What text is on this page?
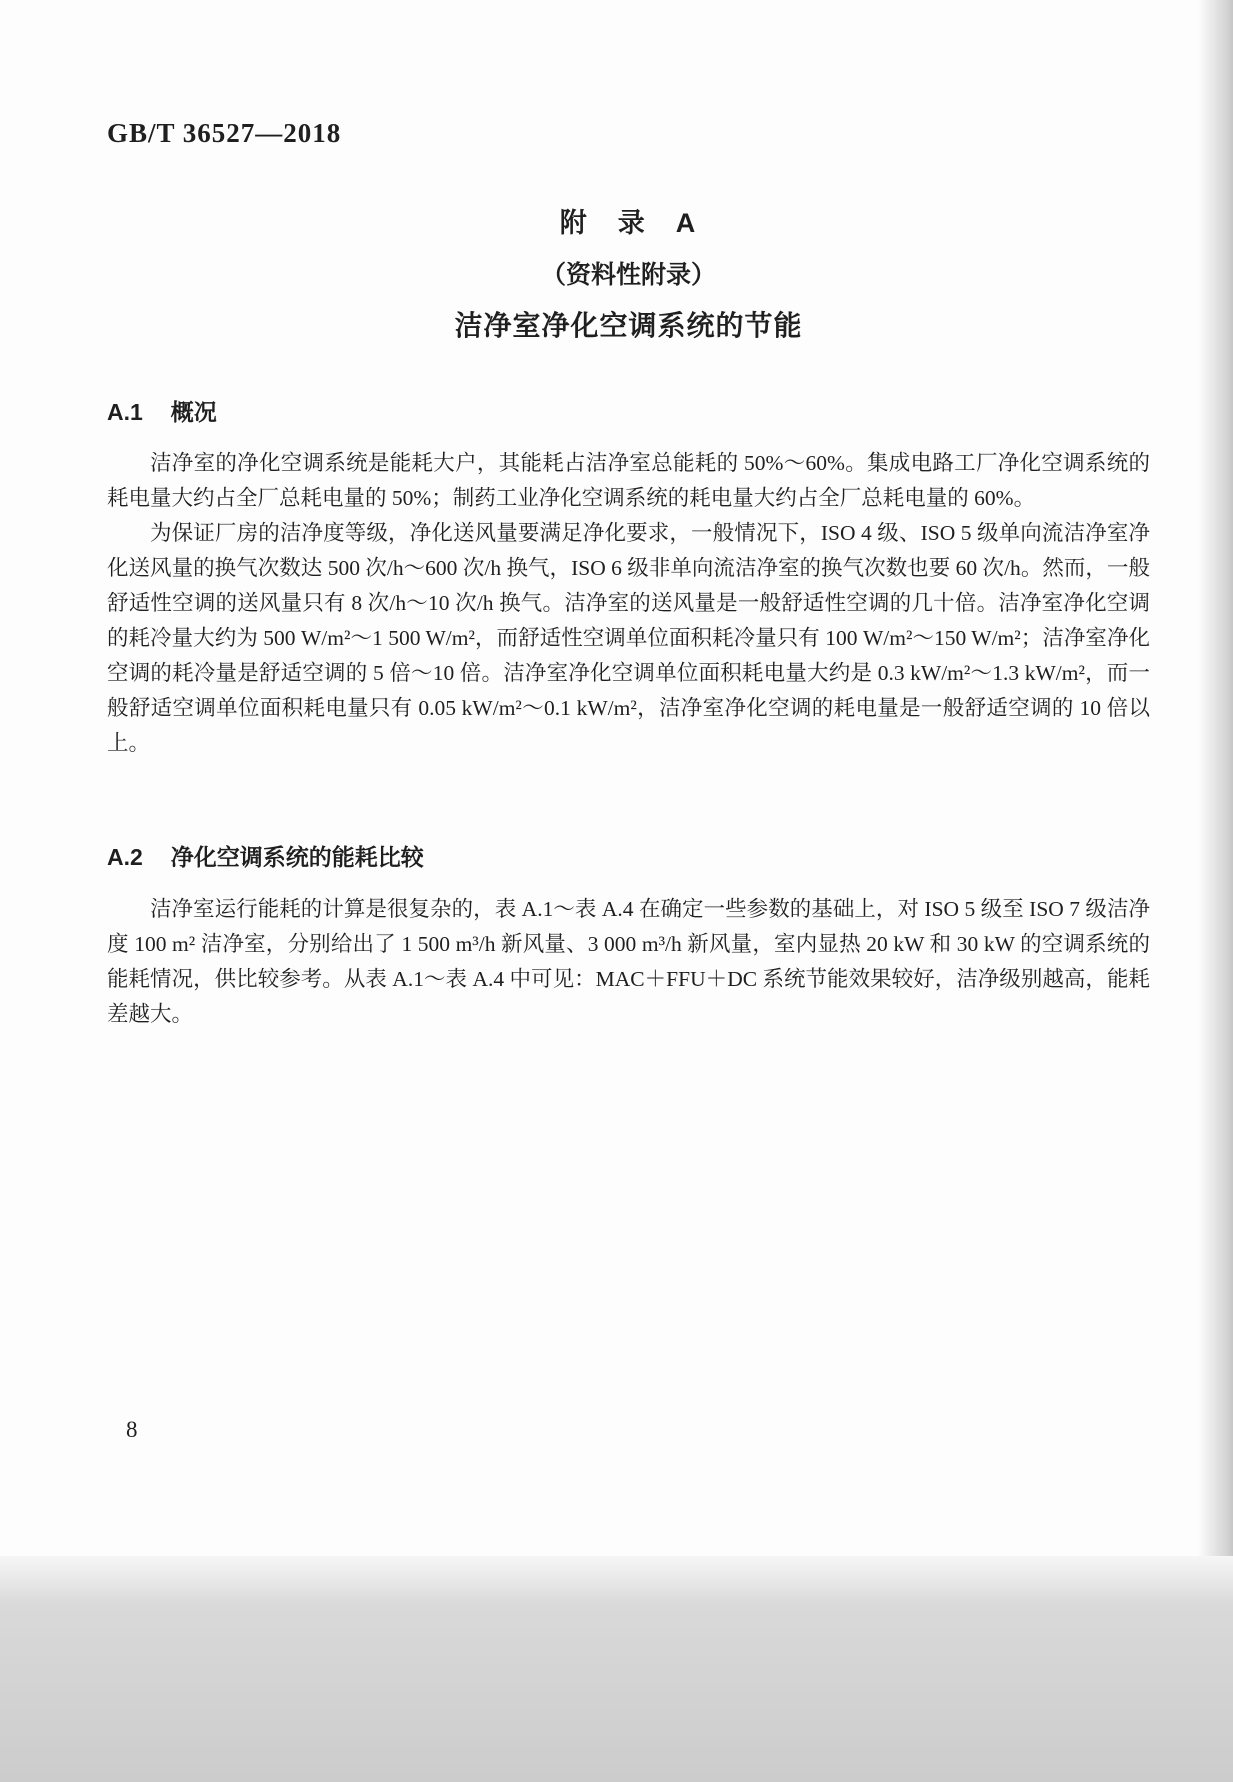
GB/T 36527—2018
附　录　A
（资料性附录）
洁净室净化空调系统的节能
A.1 概况

洁净室的净化空调系统是能耗大户，其能耗占洁净室总能耗的 50%～60%。集成电路工厂净化空调系统的耗电量大约占全厂总耗电量的 50%；制药工业净化空调系统的耗电量大约占全厂总耗电量的 60%。

为保证厂房的洁净度等级，净化送风量要满足净化要求，一般情况下，ISO 4 级、ISO 5 级单向流洁净室净化送风量的换气次数达 500 次/h～600 次/h 换气，ISO 6 级非单向流洁净室的换气次数也要 60 次/h。然而，一般舒适性空调的送风量只有 8 次/h～10 次/h 换气。洁净室的送风量是一般舒适性空调的几十倍。洁净室净化空调的耗冷量大约为 500 W/m²～1 500 W/m²，而舒适性空调单位面积耗冷量只有 100 W/m²～150 W/m²；洁净室净化空调的耗冷量是舒适空调的 5 倍～10 倍。洁净室净化空调单位面积耗电量大约是 0.3 kW/m²～1.3 kW/m²，而一般舒适空调单位面积耗电量只有 0.05 kW/m²～0.1 kW/m²，洁净室净化空调的耗电量是一般舒适空调的 10 倍以上。

A.2 净化空调系统的能耗比较

洁净室运行能耗的计算是很复杂的，表 A.1～表 A.4 在确定一些参数的基础上，对 ISO 5 级至 ISO 7 级洁净度 100 m² 洁净室，分别给出了 1 500 m³/h 新风量、3 000 m³/h 新风量，室内显热 20 kW 和 30 kW 的空调系统的能耗情况，供比较参考。从表 A.1～表 A.4 中可见：MAC＋FFU＋DC 系统节能效果较好，洁净级别越高，能耗差越大。

8
